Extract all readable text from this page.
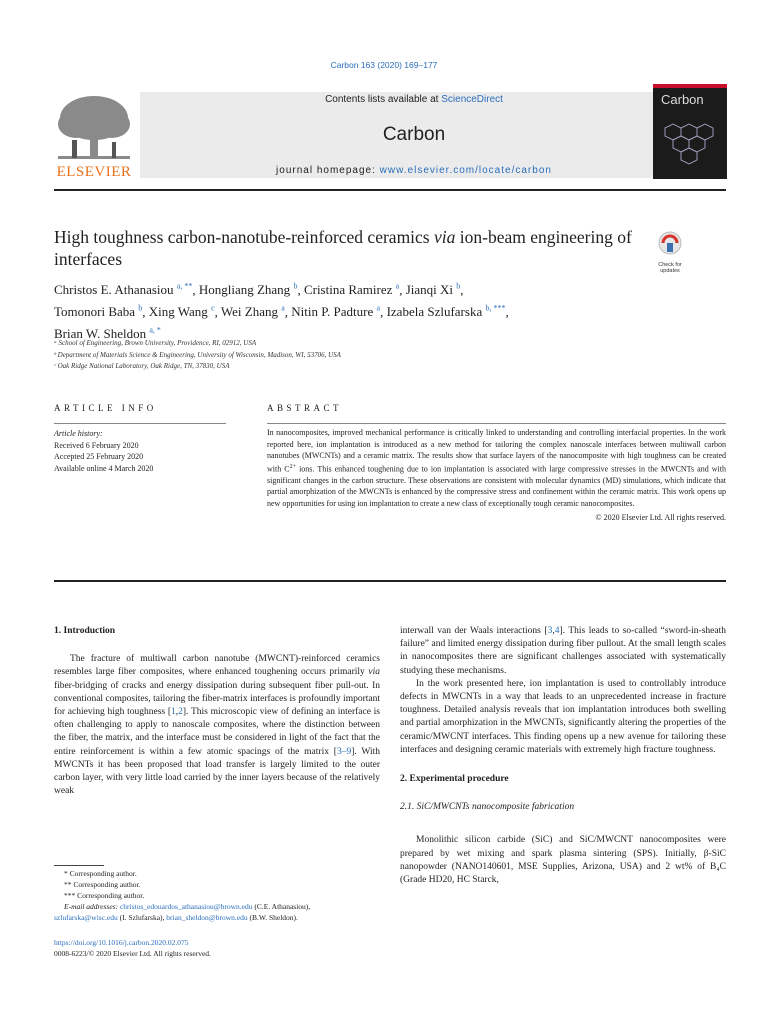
Carbon 163 (2020) 169–177
ELSEVIER
Contents lists available at ScienceDirect
Carbon
journal homepage: www.elsevier.com/locate/carbon
Carbon
High toughness carbon-nanotube-reinforced ceramics via ion-beam engineering of interfaces	Check for
updates
Christos E. Athanasiou $^{a, **}$, Hongliang Zhang $^b$, Cristina Ramirez $^a$, Jianqi Xi $^b$,
Tomonori Baba $^b$, Xing Wang $^c$, Wei Zhang $^a$, Nitin P. Padture $^a$, Izabela Szlufarska $^{b, ***}$,
Brian W. Sheldon $^{a, *}$
ᵃ School of Engineering, Brown University, Providence, RI, 02912, USA
ᵇ Department of Materials Science & Engineering, University of Wisconsin, Madison, WI, 53706, USA
ᶜ Oak Ridge National Laboratory, Oak Ridge, TN, 37830, USA
ARTICLE INFO	ABSTRACT
Article history:
Received 6 February 2020
Accepted 25 February 2020
Available online 4 March 2020
In nanocomposites, improved mechanical performance is critically linked to understanding and controlling interfacial properties. In the work reported here, ion implantation is introduced as a new method for tailoring the complex nanoscale interfaces between multiwall carbon nanotubes (MWCNTs) and a ceramic matrix. The results show that surface layers of the nanocomposite with high toughness can be created with $C^{2+}$ ions. This enhanced toughening due to ion implantation is associated with large compressive stresses in the MWCNTs and with significant changes in the carbon structure. These observations are consistent with molecular dynamics (MD) simulations, which indicate that partial amorphization of the MWCNTs is enhanced by the compressive stress and confinement within the ceramic matrix. This work opens up new opportunities for using ion implantation to create a new class of exceptionally tough ceramic nanocomposites.
© 2020 Elsevier Ltd. All rights reserved.
1. Introduction

The fracture of multiwall carbon nanotube (MWCNT)-reinforced ceramics resembles large fiber composites, where enhanced toughening occurs primarily via fiber-bridging of cracks and energy dissipation during subsequent fiber pull-out. In conventional composites, tailoring the fiber-matrix interfaces is profoundly important for achieving high toughness [1,2]. This microscopic view of defining an interface is often challenging to apply to nanoscale composites, where the distinction between the fiber, the matrix, and the interface must be considered in light of the fact that the entire reinforcement is within a few atomic spacings of the matrix [3–9]. With MWCNTs it has been proposed that load transfer is largely limited to the outer carbon layer, with very little load carried by the inner layers because of the relatively weak

interwall van der Waals interactions [3,4]. This leads to so-called “sword-in-sheath failure” and limited energy dissipation during fiber pullout. At the small length scales in nanocomposites there are significant challenges associated with systematically studying these mechanisms.

In the work presented here, ion implantation is used to controllably introduce defects in MWCNTs in a way that leads to an unprecedented increase in fracture toughness. Detailed analysis reveals that ion implantation introduces both swelling and partial amorphization in the MWCNTs, significantly altering the properties of the ceramic/MWCNT interfaces. This finding opens up a new avenue for tailoring these interfaces and designing ceramic materials with extremely high fracture toughness.

2. Experimental procedure
2.1. SiC/MWCNTs nanocomposite fabrication

Monolithic silicon carbide (SiC) and SiC/MWCNT nanocomposites were prepared by wet mixing and spark plasma sintering (SPS). Initially, β-SiC nanopowder (NANO140601, MSE Supplies, Arizona, USA) and 2 wt% of B₄C (Grade HD20, HC Starck,

* Corresponding author.
** Corresponding author.
*** Corresponding author.
E-mail addresses: christos_edouardos_athanasiou@brown.edu (C.E. Athanasiou),
szlufarska@wisc.edu (I. Szlufarska), brian_sheldon@brown.edu (B.W. Sheldon).
https://doi.org/10.1016/j.carbon.2020.02.075
0008-6223/© 2020 Elsevier Ltd. All rights reserved.
